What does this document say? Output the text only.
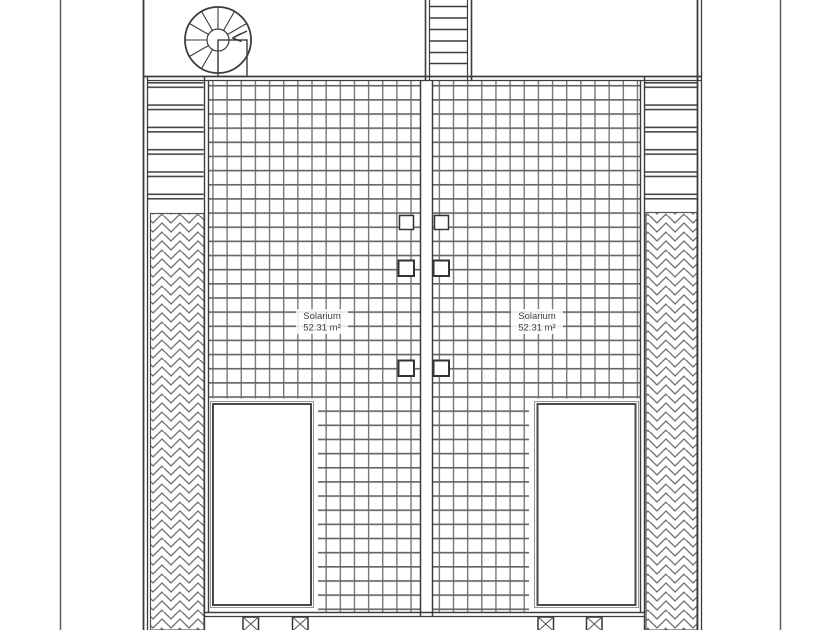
Solarium
52.31 m²
Solarium
52.31 m²
